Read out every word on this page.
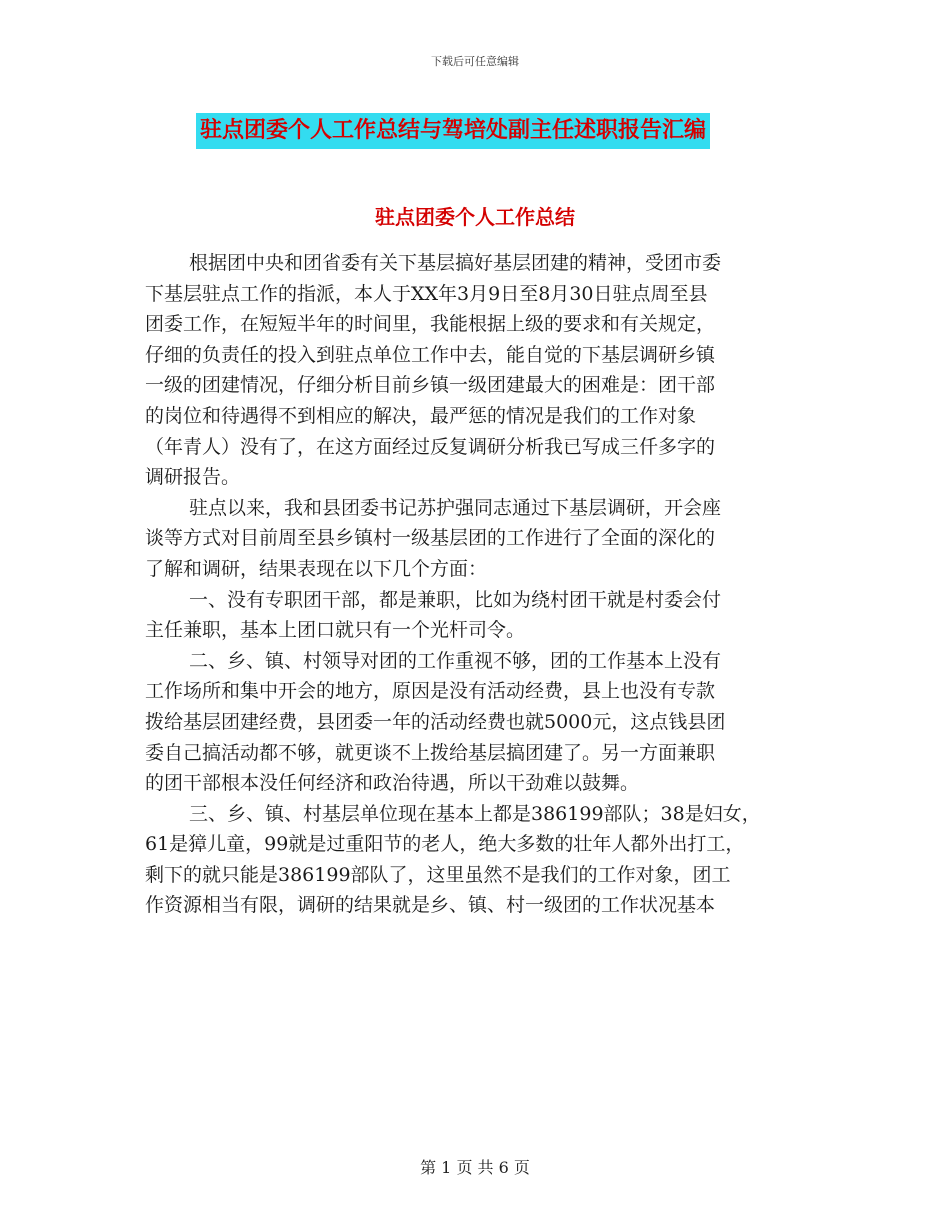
下载后可任意编辑
驻点团委个人工作总结与驾培处副主任述职报告汇编
驻点团委个人工作总结
根据团中央和团省委有关下基层搞好基层团建的精神，受团市委
下基层驻点工作的指派，本人于XX年3月9日至8月30日驻点周至县
团委工作，在短短半年的时间里，我能根据上级的要求和有关规定，
仔细的负责任的投入到驻点单位工作中去，能自觉的下基层调研乡镇
一级的团建情况，仔细分析目前乡镇一级团建最大的困难是：团干部
的岗位和待遇得不到相应的解决，最严惩的情况是我们的工作对象
（年青人）没有了，在这方面经过反复调研分析我已写成三仟多字的
调研报告。
驻点以来，我和县团委书记苏护强同志通过下基层调研，开会座
谈等方式对目前周至县乡镇村一级基层团的工作进行了全面的深化的
了解和调研，结果表现在以下几个方面：
一、没有专职团干部，都是兼职，比如为绕村团干就是村委会付
主任兼职，基本上团口就只有一个光杆司令。
二、乡、镇、村领导对团的工作重视不够，团的工作基本上没有
工作场所和集中开会的地方，原因是没有活动经费，县上也没有专款
拨给基层团建经费，县团委一年的活动经费也就5000元，这点钱县团
委自己搞活动都不够，就更谈不上拨给基层搞团建了。另一方面兼职
的团干部根本没任何经济和政治待遇，所以干劲难以鼓舞。
三、乡、镇、村基层单位现在基本上都是386199部队；38是妇女，
61是獐儿童，99就是过重阳节的老人，绝大多数的壮年人都外出打工，
剩下的就只能是386199部队了，这里虽然不是我们的工作对象，团工
作资源相当有限，调研的结果就是乡、镇、村一级团的工作状况基本
第 1 页 共 6 页
